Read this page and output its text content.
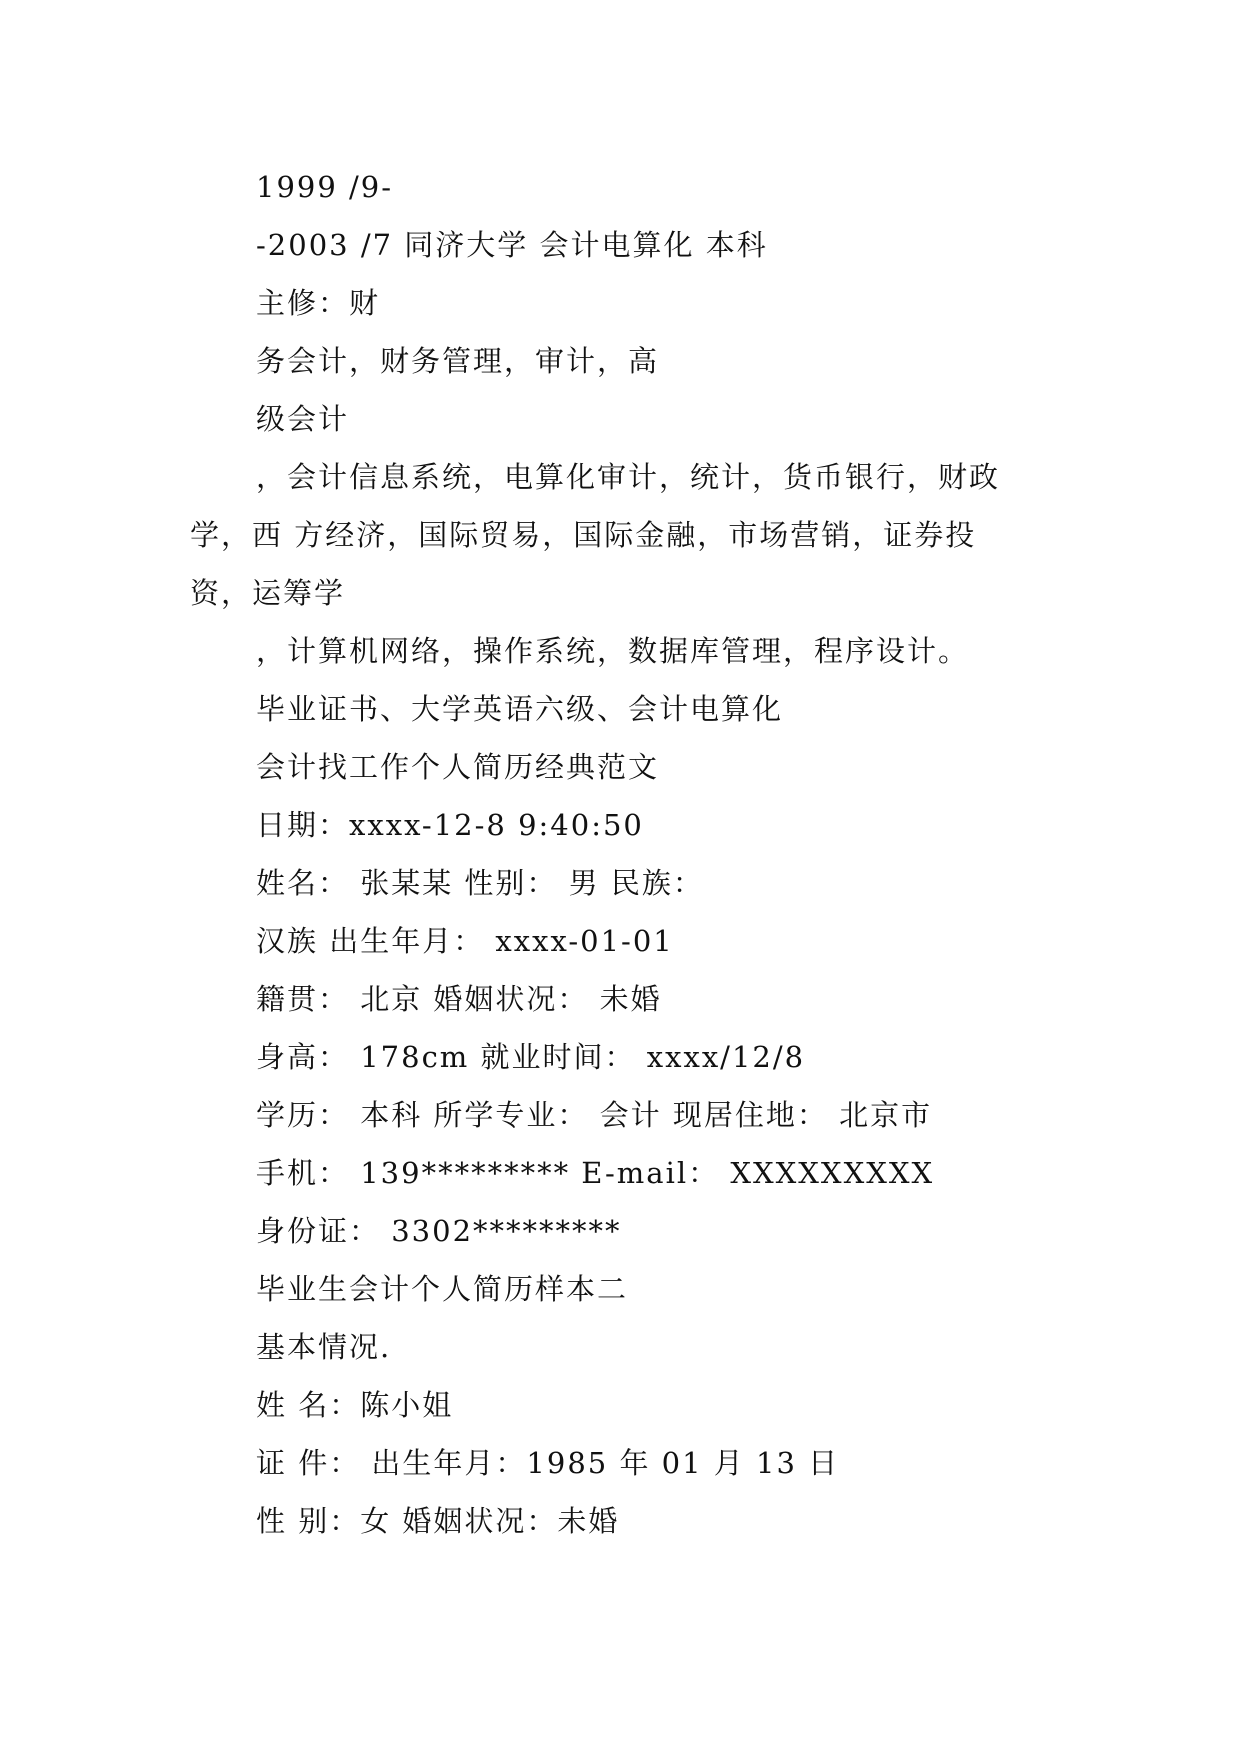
1999 /9-
-2003 /7 同济大学 会计电算化 本科
主修：财
务会计，财务管理，审计，高
级会计
，会计信息系统，电算化审计，统计，货币银行，财政
学，西 方经济，国际贸易，国际金融，市场营销，证券投
资，运筹学
，计算机网络，操作系统，数据库管理，程序设计。
毕业证书、大学英语六级、会计电算化
会计找工作个人简历经典范文
日期：xxxx-12-8 9:40:50
姓名： 张某某 性别： 男 民族：
汉族 出生年月： xxxx-01-01
籍贯： 北京 婚姻状况： 未婚
身高： 178cm 就业时间： xxxx/12/8
学历： 本科 所学专业： 会计 现居住地： 北京市
手机： 139********* E-mail： XXXXXXXXX
身份证： 3302*********
毕业生会计个人简历样本二
基本情况.
姓 名：陈小姐
证 件： 出生年月：1985 年 01 月 13 日
性 别：女 婚姻状况：未婚
